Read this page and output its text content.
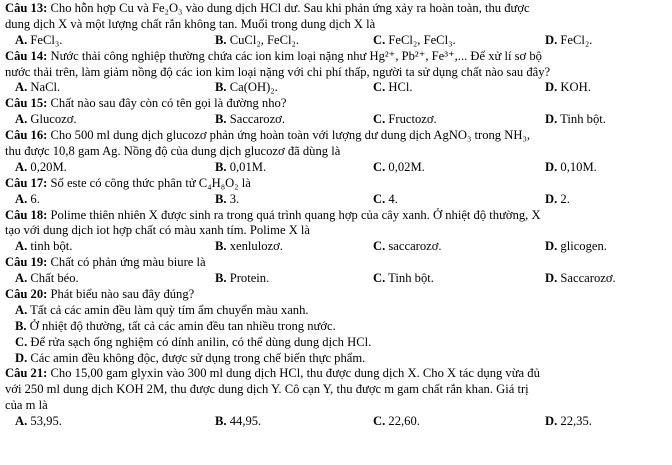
Câu 13: Cho hỗn hợp Cu và Fe₂O₃ vào dung dịch HCl dư. Sau khi phản ứng xảy ra hoàn toàn, thu được
dung dịch X và một lượng chất rắn không tan. Muối trong dung dịch X là
A. FeCl₃.	B. CuCl₂, FeCl₂.	C. FeCl₂, FeCl₃.	D. FeCl₂.
Câu 14: Nước thải công nghiệp thường chứa các ion kim loại nặng như Hg²⁺, Pb²⁺, Fe³⁺,... Để xử lí sơ bộ
nước thải trên, làm giảm nồng độ các ion kim loại nặng với chi phí thấp, người ta sử dụng chất nào sau đây?
A. NaCl.	B. Ca(OH)₂.	C. HCl.	D. KOH.
Câu 15: Chất nào sau đây còn có tên gọi là đường nho?
A. Glucozơ.	B. Saccarozơ.	C. Fructozơ.	D. Tinh bột.
Câu 16: Cho 500 ml dung dịch glucozơ phản ứng hoàn toàn với lượng dư dung dịch AgNO₃ trong NH₃,
thu được 10,8 gam Ag. Nồng độ của dung dịch glucozơ đã dùng là
A. 0,20M.	B. 0,01M.	C. 0,02M.	D. 0,10M.
Câu 17: Số este có công thức phân tử C₄H₈O₂ là
A. 6.	B. 3.	C. 4.	D. 2.
Câu 18: Polime thiên nhiên X được sinh ra trong quá trình quang hợp của cây xanh. Ở nhiệt độ thường, X
tạo với dung dịch iot hợp chất có màu xanh tím. Polime X là
A. tinh bột.	B. xenlulozơ.	C. saccarozơ.	D. glicogen.
Câu 19: Chất có phản ứng màu biure là
A. Chất béo.	B. Protein.	C. Tinh bột.	D. Saccarozơ.
Câu 20: Phát biểu nào sau đây đúng?
A. Tất cả các amin đều làm quỳ tím ẩm chuyển màu xanh.
B. Ở nhiệt độ thường, tất cả các amin đều tan nhiều trong nước.
C. Để rửa sạch ống nghiệm có dính anilin, có thể dùng dung dịch HCl.
D. Các amin đều không độc, được sử dụng trong chế biến thực phẩm.
Câu 21: Cho 15,00 gam glyxin vào 300 ml dung dịch HCl, thu được dung dịch X. Cho X tác dụng vừa đủ
với 250 ml dung dịch KOH 2M, thu được dung dịch Y. Cô cạn Y, thu được m gam chất rắn khan. Giá trị
của m là
A. 53,95.	B. 44,95.	C. 22,60.	D. 22,35.
